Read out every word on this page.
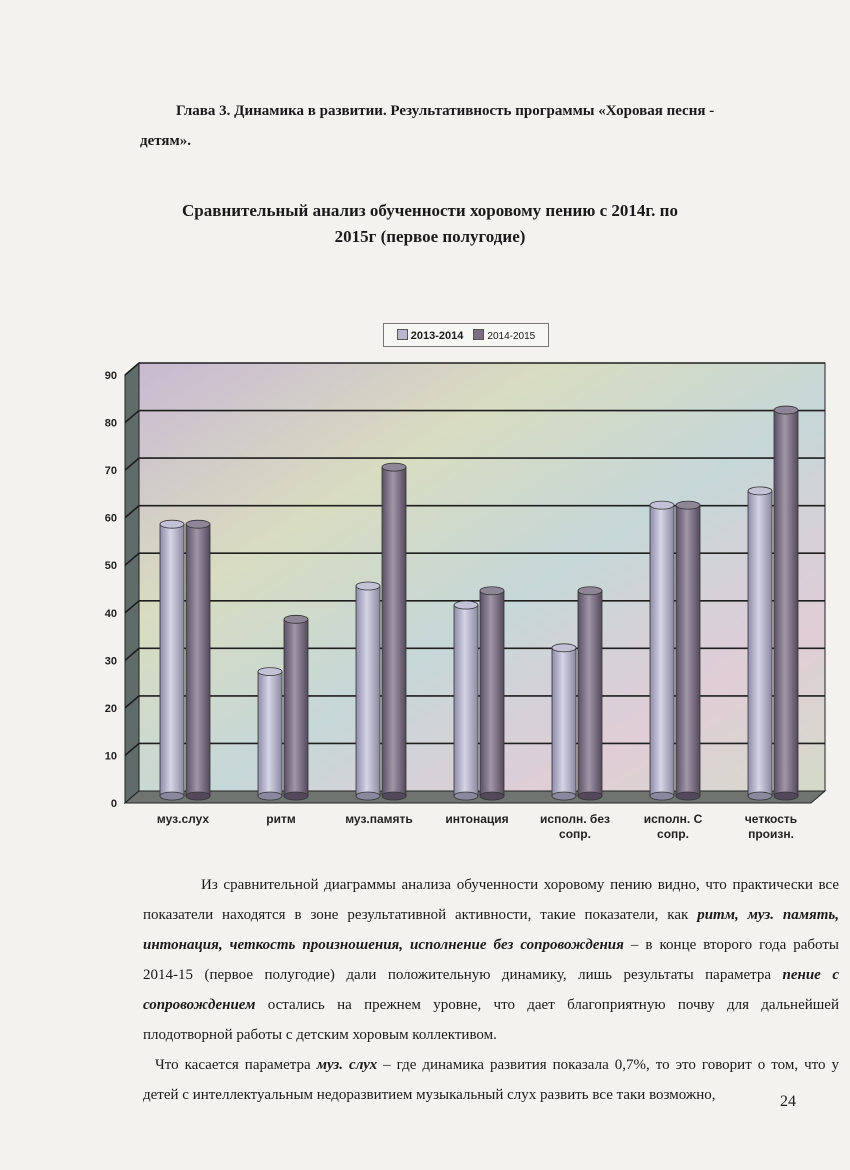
Глава 3. Динамика в развитии. Результативность программы «Хоровая песня -
детям».
Сравнительный анализ обученности хоровому пению с 2014г. по
2015г (первое полугодие)
2013-2014	2014-2015
0
10
20
30
40
50
60
70
80
90
муз.слух	ритм	муз.память	интонация	исполн. без
сопр.
исполн. С
сопр.
четкость
произн.

Из сравнительной диаграммы анализа обученности хоровому пению видно, что практически все показатели находятся в зоне результативной активности, такие показатели, как ритм, муз. память, интонация, четкость произношения, исполнение без сопровождения – в конце второго года работы 2014-15 (первое полугодие) дали положительную динамику, лишь результаты параметра пение с сопровождением остались на прежнем уровне, что дает благоприятную почву для дальнейшей плодотворной работы с детским хоровым коллективом.

Что касается параметра муз. слух – где динамика развития показала 0,7%, то это говорит о том, что у детей с интеллектуальным недоразвитием музыкальный слух развить все таки возможно,	24
